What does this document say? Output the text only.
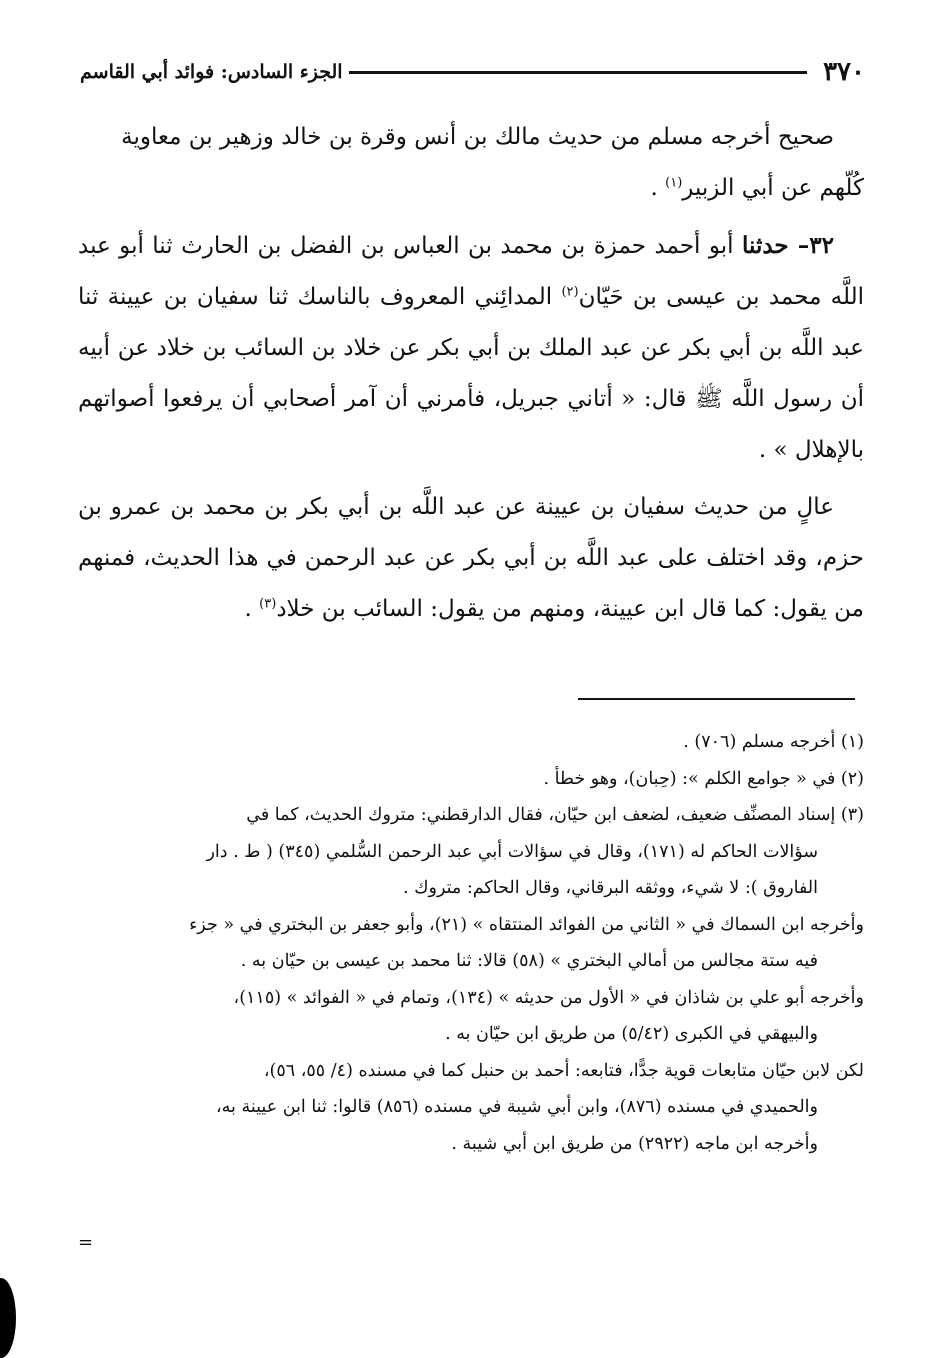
٣٧٠
الجزء السادس: فوائد أبي القاسم

صحيح أخرجه مسلم من حديث مالك بن أنس وقرة بن خالد وزهير بن معاوية
كُلّهم عن أبي الزبير$^{(١)}$ .

٣٢– حدثنا أبو أحمد حمزة بن محمد بن العباس بن الفضل بن الحارث ثنا أبو عبد اللَّه محمد بن عيسى بن حَيّان$^{(٢)}$ المدائِني المعروف بالناسك ثنا سفيان بن عيينة ثنا عبد اللَّه بن أبي بكر عن عبد الملك بن أبي بكر عن خلاد بن السائب بن خلاد عن أبيه أن رسول اللَّه ﷺ قال: « أتاني جبريل، فأمرني أن آمر أصحابي أن يرفعوا أصواتهم بالإهلال » .

عالٍ من حديث سفيان بن عيينة عن عبد اللَّه بن أبي بكر بن محمد بن عمرو بن حزم، وقد اختلف على عبد اللَّه بن أبي بكر عن عبد الرحمن في هذا الحديث، فمنهم من يقول: كما قال ابن عيينة، ومنهم من يقول: السائب بن خلاد$^{(٣)}$ .

(١) أخرجه مسلم (٧٠٦) .

(٢) في « جوامع الكلم »: (حِبان)، وهو خطأ .

(٣) إسناد المصنِّف ضعيف، لضعف ابن حيّان، فقال الدارقطني: متروك الحديث، كما في

سؤالات الحاكم له (١٧١)، وقال في سؤالات أبي عبد الرحمن السُّلمي (٣٤٥) ( ط . دار

الفاروق ): لا شيء، ووثقه البرقاني، وقال الحاكم: متروك .

وأخرجه ابن السماك في « الثاني من الفوائد المنتقاه » (٢١)، وأبو جعفر بن البختري في « جزء

فيه ستة مجالس من أمالي البختري » (٥٨) قالا: ثنا محمد بن عيسى بن حيّان به .

وأخرجه أبو علي بن شاذان في « الأول من حديثه » (١٣٤)، وتمام في « الفوائد » (١١٥)،

والبيهقي في الكبرى (٥/٤٢) من طريق ابن حيّان به .

لكن لابن حيّان متابعات قوية جدًّا، فتابعه: أحمد بن حنبل كما في مسنده (٤/ ٥٥، ٥٦)،

والحميدي في مسنده (٨٧٦)، وابن أبي شيبة في مسنده (٨٥٦) قالوا: ثنا ابن عيينة به،

وأخرجه ابن ماجه (٢٩٢٢) من طريق ابن أبي شيبة .

=
